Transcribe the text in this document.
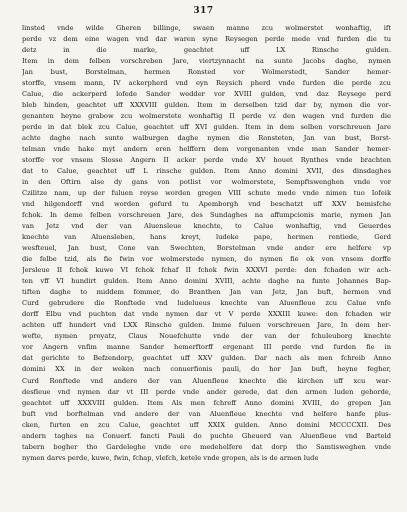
317
linsted vnde wilde Gheren billinge, swaen manne zcu wolmerstet wonhaftig, ift
perde vz dem eine wagen vnd dar waren syne Reysegen perde mede vnd furden die tu
detz in die marke, geachtet uff LX Rinsche gulden.
Item in dem felben vorschreben Jare, viertzynnacht na sunte Jacobs daghe, nymen
Jan bust, Borstelman, hermen Ronsted vor Wolmerstedt, Sander hemer-
storffe, vnsem mann, IV ackerpherd vnd eyn Reysich pherd vnde furden die perde zcu
Calue, die ackerperd lofede Sander wedder vor XVIII gulden, vnd daz Reysege perd
bleb hinden, geachtet uff XXXVIII gulden. Item in derselben tzid dar by, nymen die vor-
genanten heyne grabow zcu wolmerstete wonhaftig II perde vz den wagen vnd furden die
perde in dat blek zcu Calue, geachtet uff XVI gulden. Item in dem selben vorschreuen Jare
achte daghe nach sunte walburgen daghe nymen die Ronsteten, Jan van bust, Borst-
telman vnde hake myt andern eren helffern dem vorgenanten vnde man Sander hemer-
storffe vor vnsem Slosse Angern II acker perde vnde XV houet Rynthes vnde brachten
dat to Calue, geachtet uff L rinsche gulden. Item Anno domini XVII, des dinsdaghes
in den Oftirn alse dy gans von potlist vor wolmerstete, Sempftswenghen vnde vor
Czilitze nam, up der fuluen reyse worden gregen VIII schute mede vnde nimen tuo Iofeik
vnd hilgendorff vnd worden gefurd tu Apemborgh vnd beschatzt uff XXV bemisfche
fchok. In deme felben vorschreuen Jare, des Sundaghes na affumpcionis marie, nymen Jan
van Jetz vnd der van Aluensleue knechte, to Calue wonhaftig, vnd Geuerdes
knechte van Aluensleben, hans kreyt, ludeke pape, hermen rentiede, Gerd
wesfteuel, Jan bust, Cone van Swechten, Borstelman vnde ander ere helfere vp
die felbe tzid, als fie fwin vor wolmerstede nymen, do nymen fie ok von vnsem dorffe
Jersleue II fchok kuwe VI fchok fchaf II fchok fwin XXXVI perde: den fchaden wir ach-
ten vff VI hundirt gulden. Item Anno domini XVIII, achte daghe na funte Johannes Bap-
tiften daghe to middem fommer, do Branthen Jan van Jetz, Jan buft, hermen vnd
Curd gebrudere die Ronftede vnd ludelueus knechte van Aluenfleue zcu Calue vnfe
dorff Elbu vnd puchten dat vnde nymen dar vt V perde XXXIII kuwe: den fchaden wir
achten uff hundert vnd LXX Rinsche gulden. Imme fuluen vorschreuen Jare, In dem her-
wefte, nymen proyatz, Claus Nouefchutte vnde der van der fchuleuborg knechte
vor Angern vnfim manne Sander hemerftorff ergenant III perde vnd furden fie in
dat gerichte to Befzendorp, geachtet uff XXV gulden. Dar nach als men fchreib Anno
domini XX in der weken nach conuerfionis pauli, do hor Jan buft, heyne fegher,
Curd Ronftede vnd andere der van Aluenfleue knechte die kirchen uff xcu war-
desfleue vnd nymen dar vt III perde vnde ander gerede, dat den armen luden gehorde,
geachtet uff XXXVIII gulden. Item Als men fchreff Anno domini XVIII, do grepen Jan
buft vnd borftelman vnd andere der van Aluenfleue knechte vnd helfere hanfe plus-
cken, furten en zcu Calue, geachtet uff XXIX gulden. Anno domini MCCCCXII. Des
andern taghes na Conuerf. fancti Pauli do puchte Gheuerd van Aluenfleue vnd Barteld
tabern bogher tho Gardeleghe vnde ere medehelfere dat dorp tho Samtisweghen vnde
nymen darvs perde, kuwe, fwin, fchap, vlefch, ketele vnde gropen, als is de armen lude
